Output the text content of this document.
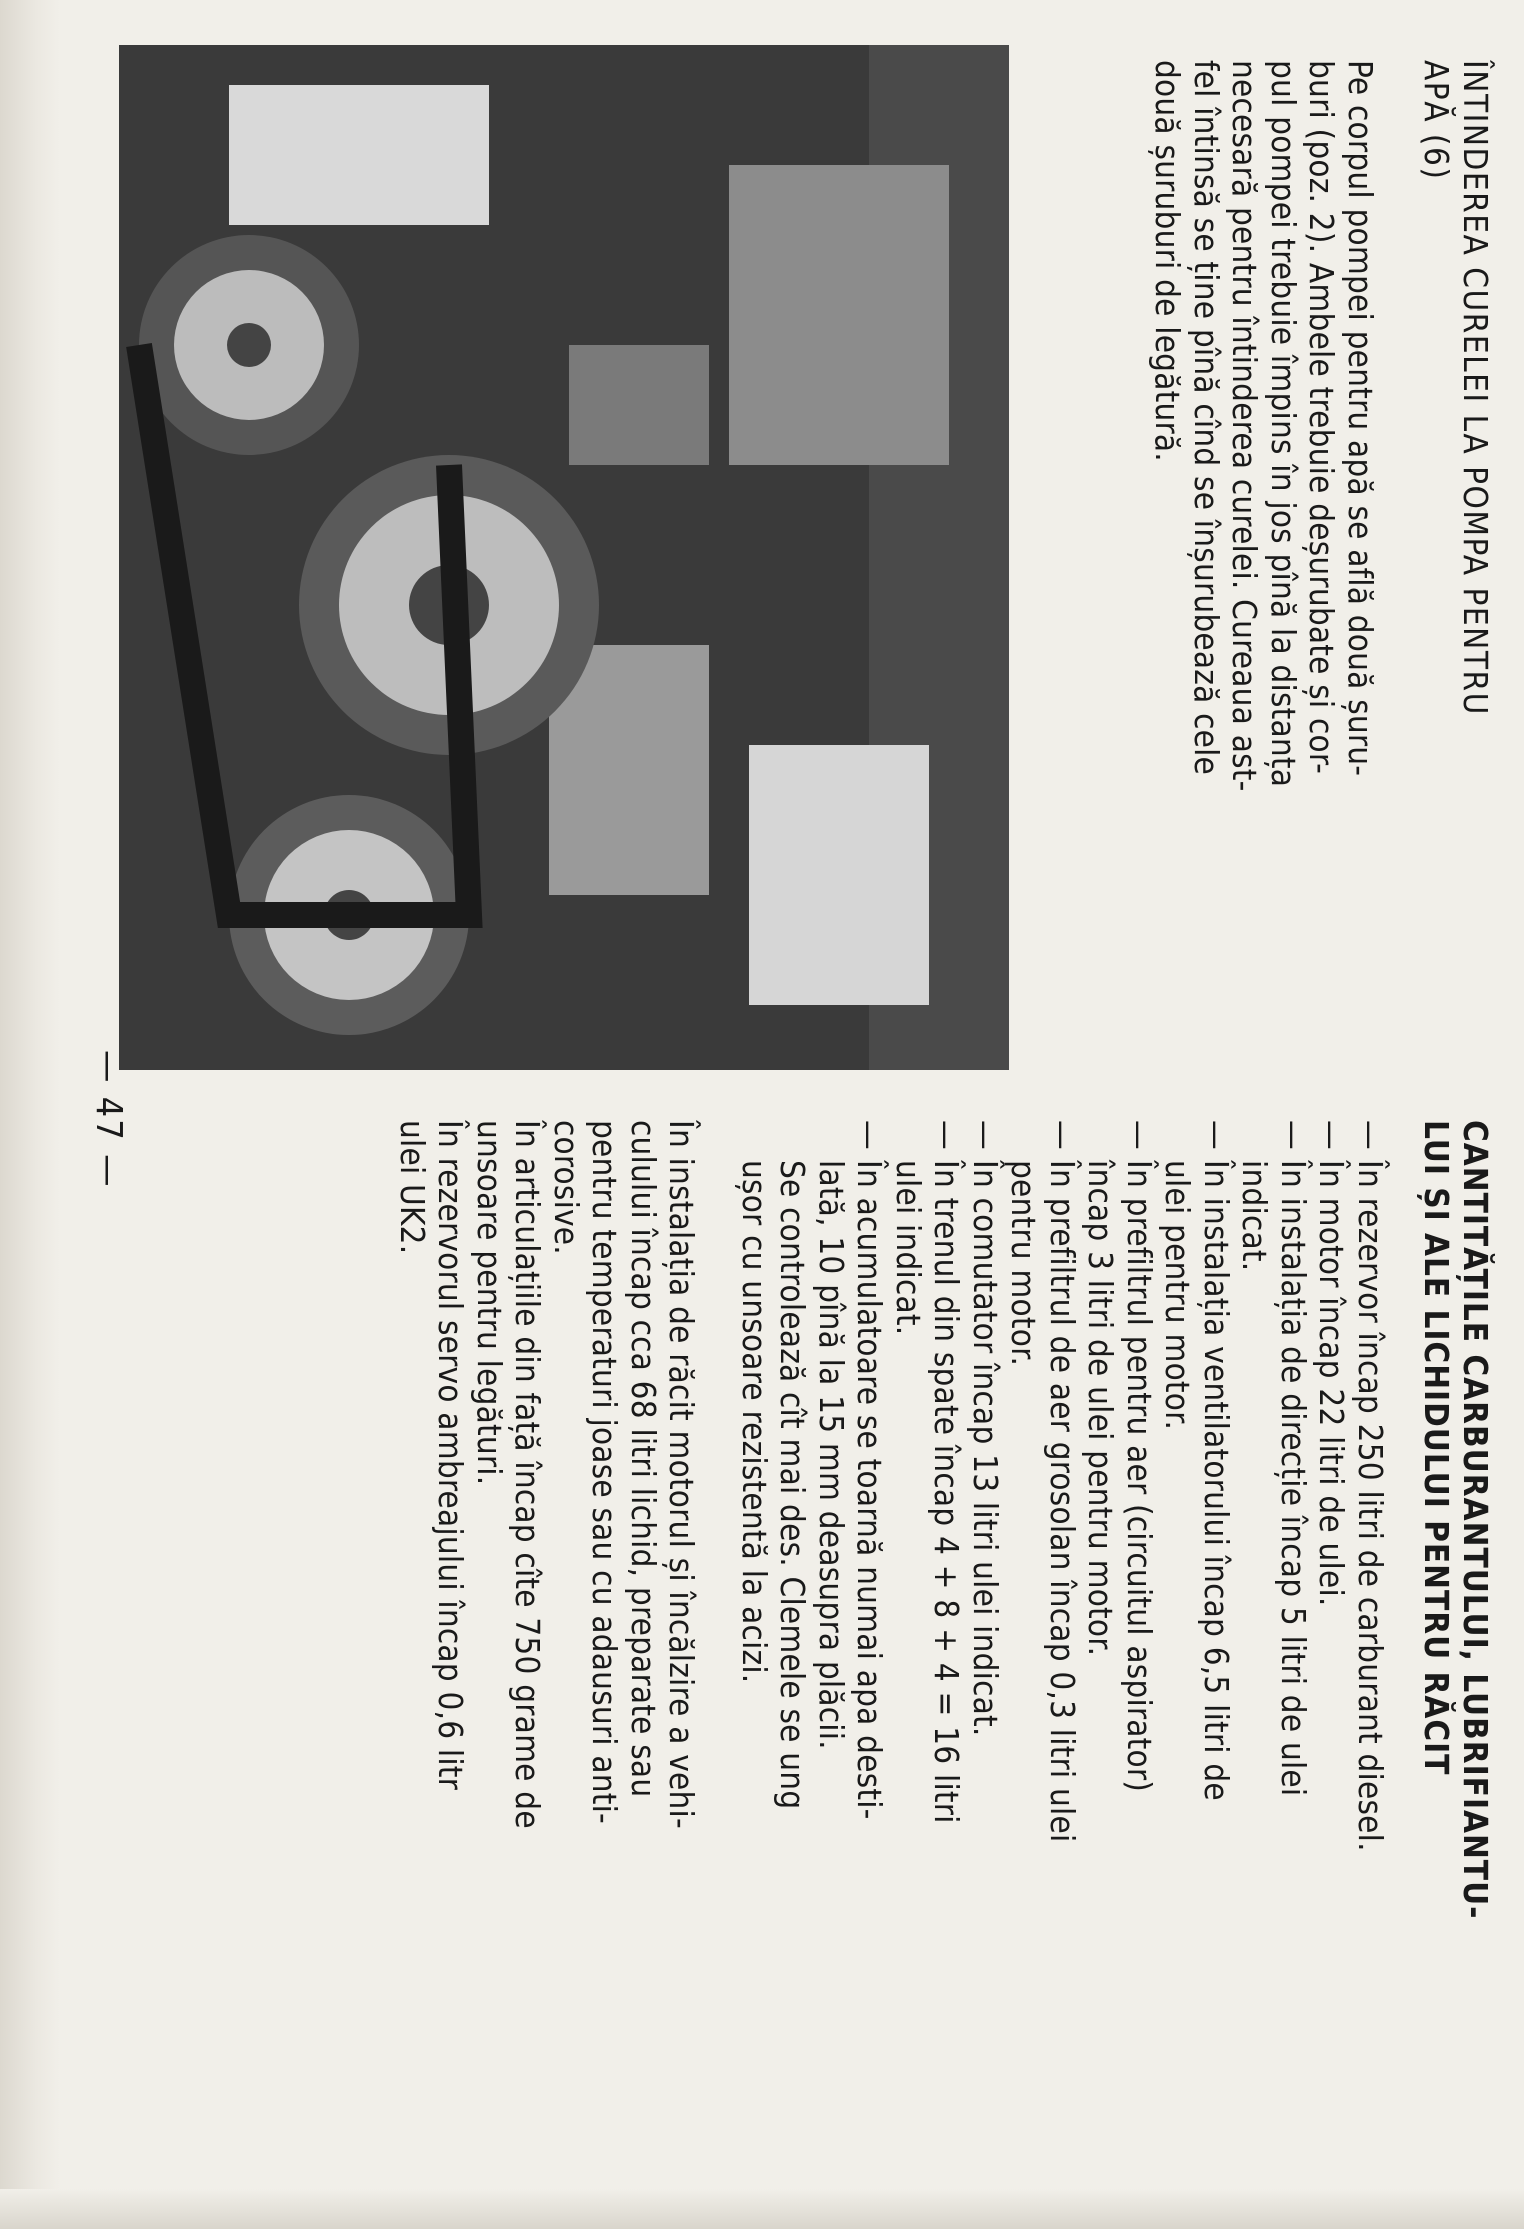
ÎNTINDEREA CURELEI LA POMPA PENTRU
APĂ (6)
Pe corpul pompei pentru apă se află două șuru-
buri (poz. 2). Ambele trebuie deșurubate și cor-
pul pompei trebuie împins în jos pînă la distanța
necesară pentru întinderea curelei. Cureaua ast-
fel întinsă se ține pînă cînd se înșurubează cele
două șuruburi de legătură.
CANTITĂȚILE CARBURANTULUI, LUBRIFIANTU-
LUI ȘI ALE LICHIDULUI PENTRU RĂCIT
—
În rezervor încap 250 litri de carburant diesel.
—
În motor încap 22 litri de ulei.
—
În instalația de direcție încap 5 litri de ulei
indicat.
—
În instalația ventilatorului încap 6,5 litri de
ulei pentru motor.
—
În prefiltrul pentru aer (circuitul aspirator)
încap 3 litri de ulei pentru motor.
—
În prefiltrul de aer grosolan încap 0,3 litri ulei
pentru motor.
—
În comutator încap 13 litri ulei indicat.
—
În trenul din spate încap 4 + 8 + 4 = 16 litri
ulei indicat.
—
În acumulatoare se toarnă numai apa desti-
lată, 10 pînă la 15 mm deasupra plăcii.
Se controlează cît mai des. Clemele se ung
ușor cu unsoare rezistentă la acizi.
În instalația de răcit motorul și încălzire a vehi-
culului încap cca 68 litri lichid, preparate sau
pentru temperaturi joase sau cu adausuri anti-
corosive.
În articulațiile din față încap cîte 750 grame de
unsoare pentru legături.
În rezervorul servo ambreajului încap 0,6 litr
ulei UK2.
— 47 —
